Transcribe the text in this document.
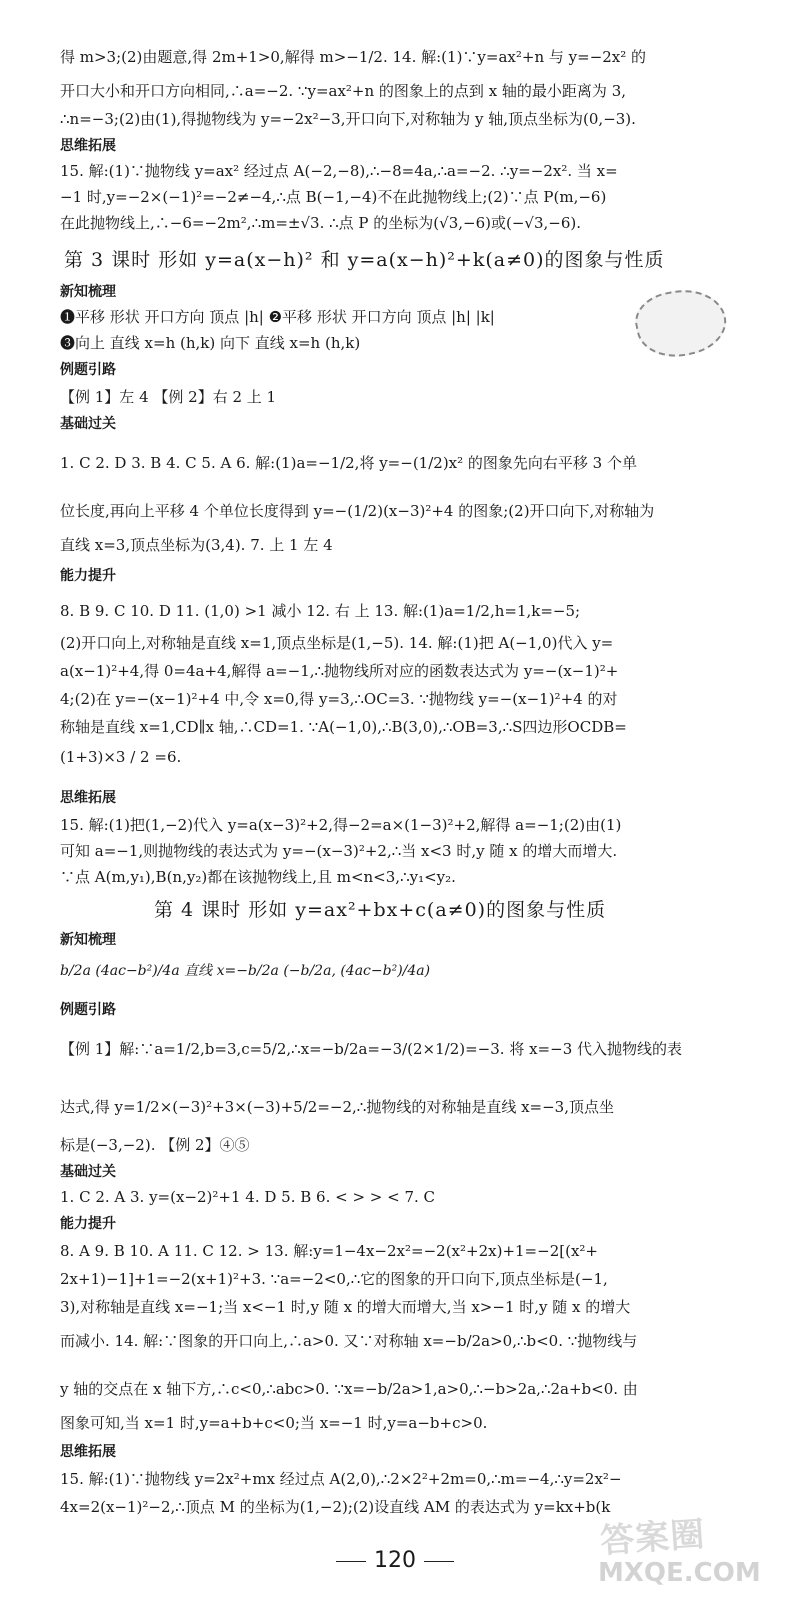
得 m>3;(2)由题意,得 2m+1>0,解得 m>−1/2. 14. 解:(1)∵y=ax²+n 与 y=−2x² 的
开口大小和开口方向相同,∴a=−2. ∵y=ax²+n 的图象上的点到 x 轴的最小距离为 3,
∴n=−3;(2)由(1),得抛物线为 y=−2x²−3,开口向下,对称轴为 y 轴,顶点坐标为(0,−3).
思维拓展
15. 解:(1)∵抛物线 y=ax² 经过点 A(−2,−8),∴−8=4a,∴a=−2. ∴y=−2x². 当 x=
−1 时,y=−2×(−1)²=−2≠−4,∴点 B(−1,−4)不在此抛物线上;(2)∵点 P(m,−6)
在此抛物线上,∴−6=−2m²,∴m=±√3. ∴点 P 的坐标为(√3,−6)或(−√3,−6).
第 3 课时 形如 y=a(x−h)² 和 y=a(x−h)²+k(a≠0)的图象与性质
新知梳理
❶平移 形状 开口方向 顶点 |h| ❷平移 形状 开口方向 顶点 |h| |k|
❸向上 直线 x=h (h,k) 向下 直线 x=h (h,k)
例题引路
【例 1】左 4 【例 2】右 2 上 1
基础过关
1. C 2. D 3. B 4. C 5. A 6. 解:(1)a=−1/2,将 y=−(1/2)x² 的图象先向右平移 3 个单
位长度,再向上平移 4 个单位长度得到 y=−(1/2)(x−3)²+4 的图象;(2)开口向下,对称轴为
直线 x=3,顶点坐标为(3,4). 7. 上 1 左 4
能力提升
8. B 9. C 10. D 11. (1,0) >1 减小 12. 右 上 13. 解:(1)a=1/2,h=1,k=−5;
(2)开口向上,对称轴是直线 x=1,顶点坐标是(1,−5). 14. 解:(1)把 A(−1,0)代入 y=
a(x−1)²+4,得 0=4a+4,解得 a=−1,∴抛物线所对应的函数表达式为 y=−(x−1)²+
4;(2)在 y=−(x−1)²+4 中,令 x=0,得 y=3,∴OC=3. ∵抛物线 y=−(x−1)²+4 的对
称轴是直线 x=1,CD∥x 轴,∴CD=1. ∵A(−1,0),∴B(3,0),∴OB=3,∴S四边形OCDB=
(1+3)×3 / 2 =6.
思维拓展
15. 解:(1)把(1,−2)代入 y=a(x−3)²+2,得−2=a×(1−3)²+2,解得 a=−1;(2)由(1)
可知 a=−1,则抛物线的表达式为 y=−(x−3)²+2,∴当 x<3 时,y 随 x 的增大而增大.
∵点 A(m,y₁),B(n,y₂)都在该抛物线上,且 m<n<3,∴y₁<y₂.
第 4 课时 形如 y=ax²+bx+c(a≠0)的图象与性质
新知梳理
b/2a (4ac−b²)/4a 直线 x=−b/2a (−b/2a, (4ac−b²)/4a)
例题引路
【例 1】解:∵a=1/2,b=3,c=5/2,∴x=−b/2a=−3/(2×1/2)=−3. 将 x=−3 代入抛物线的表
达式,得 y=1/2×(−3)²+3×(−3)+5/2=−2,∴抛物线的对称轴是直线 x=−3,顶点坐
标是(−3,−2). 【例 2】④⑤
基础过关
1. C 2. A 3. y=(x−2)²+1 4. D 5. B 6. < > > < 7. C
能力提升
8. A 9. B 10. A 11. C 12. > 13. 解:y=1−4x−2x²=−2(x²+2x)+1=−2[(x²+
2x+1)−1]+1=−2(x+1)²+3. ∵a=−2<0,∴它的图象的开口向下,顶点坐标是(−1,
3),对称轴是直线 x=−1;当 x<−1 时,y 随 x 的增大而增大,当 x>−1 时,y 随 x 的增大
而减小. 14. 解:∵图象的开口向上,∴a>0. 又∵对称轴 x=−b/2a>0,∴b<0. ∵抛物线与
y 轴的交点在 x 轴下方,∴c<0,∴abc>0. ∵x=−b/2a>1,a>0,∴−b>2a,∴2a+b<0. 由
图象可知,当 x=1 时,y=a+b+c<0;当 x=−1 时,y=a−b+c>0.
思维拓展
15. 解:(1)∵抛物线 y=2x²+mx 经过点 A(2,0),∴2×2²+2m=0,∴m=−4,∴y=2x²−
4x=2(x−1)²−2,∴顶点 M 的坐标为(1,−2);(2)设直线 AM 的表达式为 y=kx+b(k
120	答案圈
MXQE.COM
